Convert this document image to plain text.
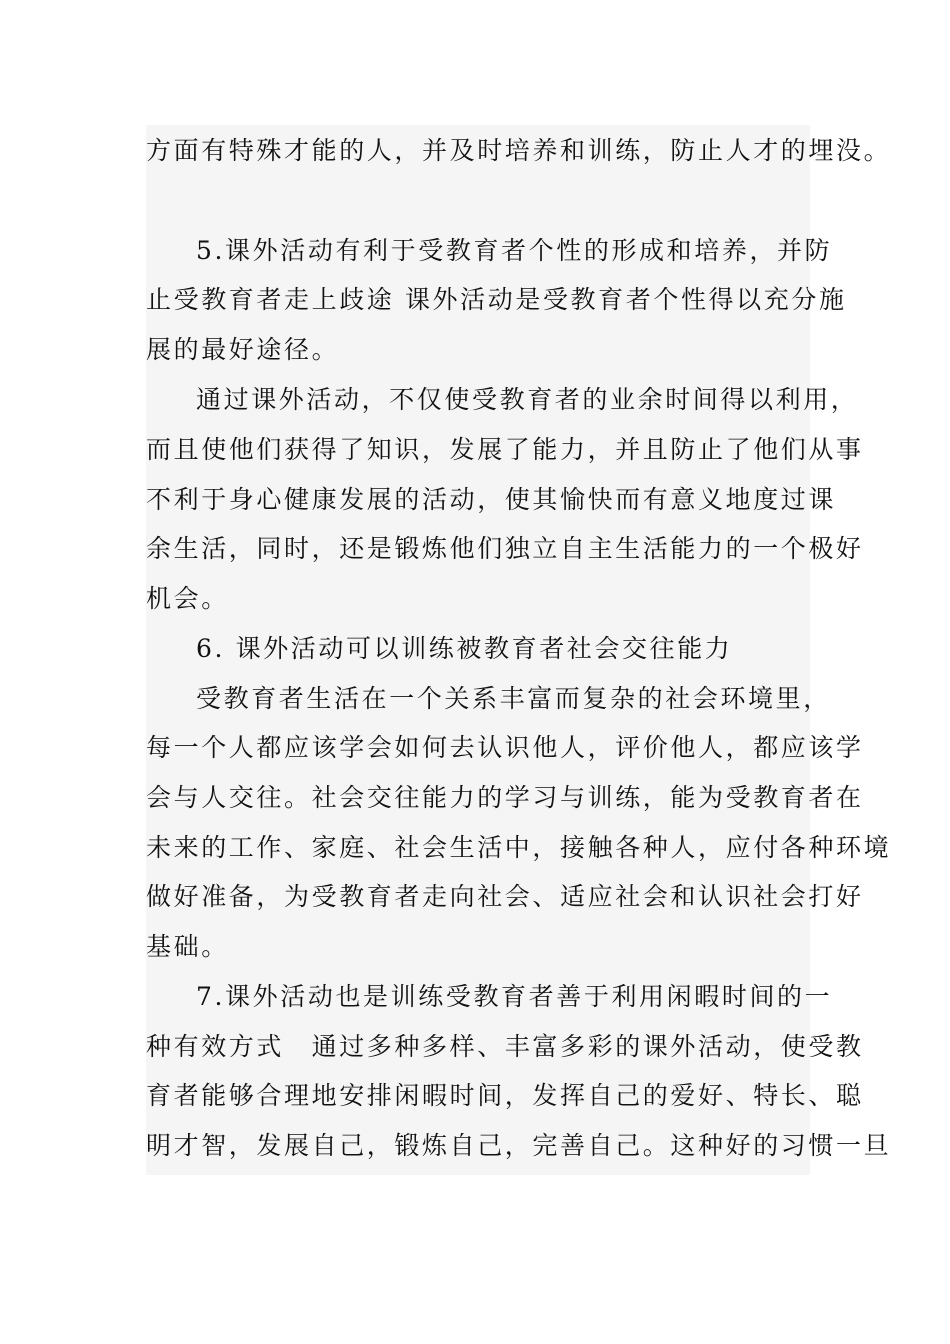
方面有特殊才能的人，并及时培养和训练，防止人才的埋没。
5.课外活动有利于受教育者个性的形成和培养，并防
止受教育者走上歧途 课外活动是受教育者个性得以充分施
展的最好途径。
通过课外活动，不仅使受教育者的业余时间得以利用，
而且使他们获得了知识，发展了能力，并且防止了他们从事
不利于身心健康发展的活动，使其愉快而有意义地度过课
余生活，同时，还是锻炼他们独立自主生活能力的一个极好
机会。
6. 课外活动可以训练被教育者社会交往能力
受教育者生活在一个关系丰富而复杂的社会环境里，
每一个人都应该学会如何去认识他人，评价他人，都应该学
会与人交往。社会交往能力的学习与训练，能为受教育者在
未来的工作、家庭、社会生活中，接触各种人，应付各种环境
做好准备，为受教育者走向社会、适应社会和认识社会打好
基础。
7.课外活动也是训练受教育者善于利用闲暇时间的一
种有效方式　通过多种多样、丰富多彩的课外活动，使受教
育者能够合理地安排闲暇时间，发挥自己的爱好、特长、聪
明才智，发展自己，锻炼自己，完善自己。这种好的习惯一旦
